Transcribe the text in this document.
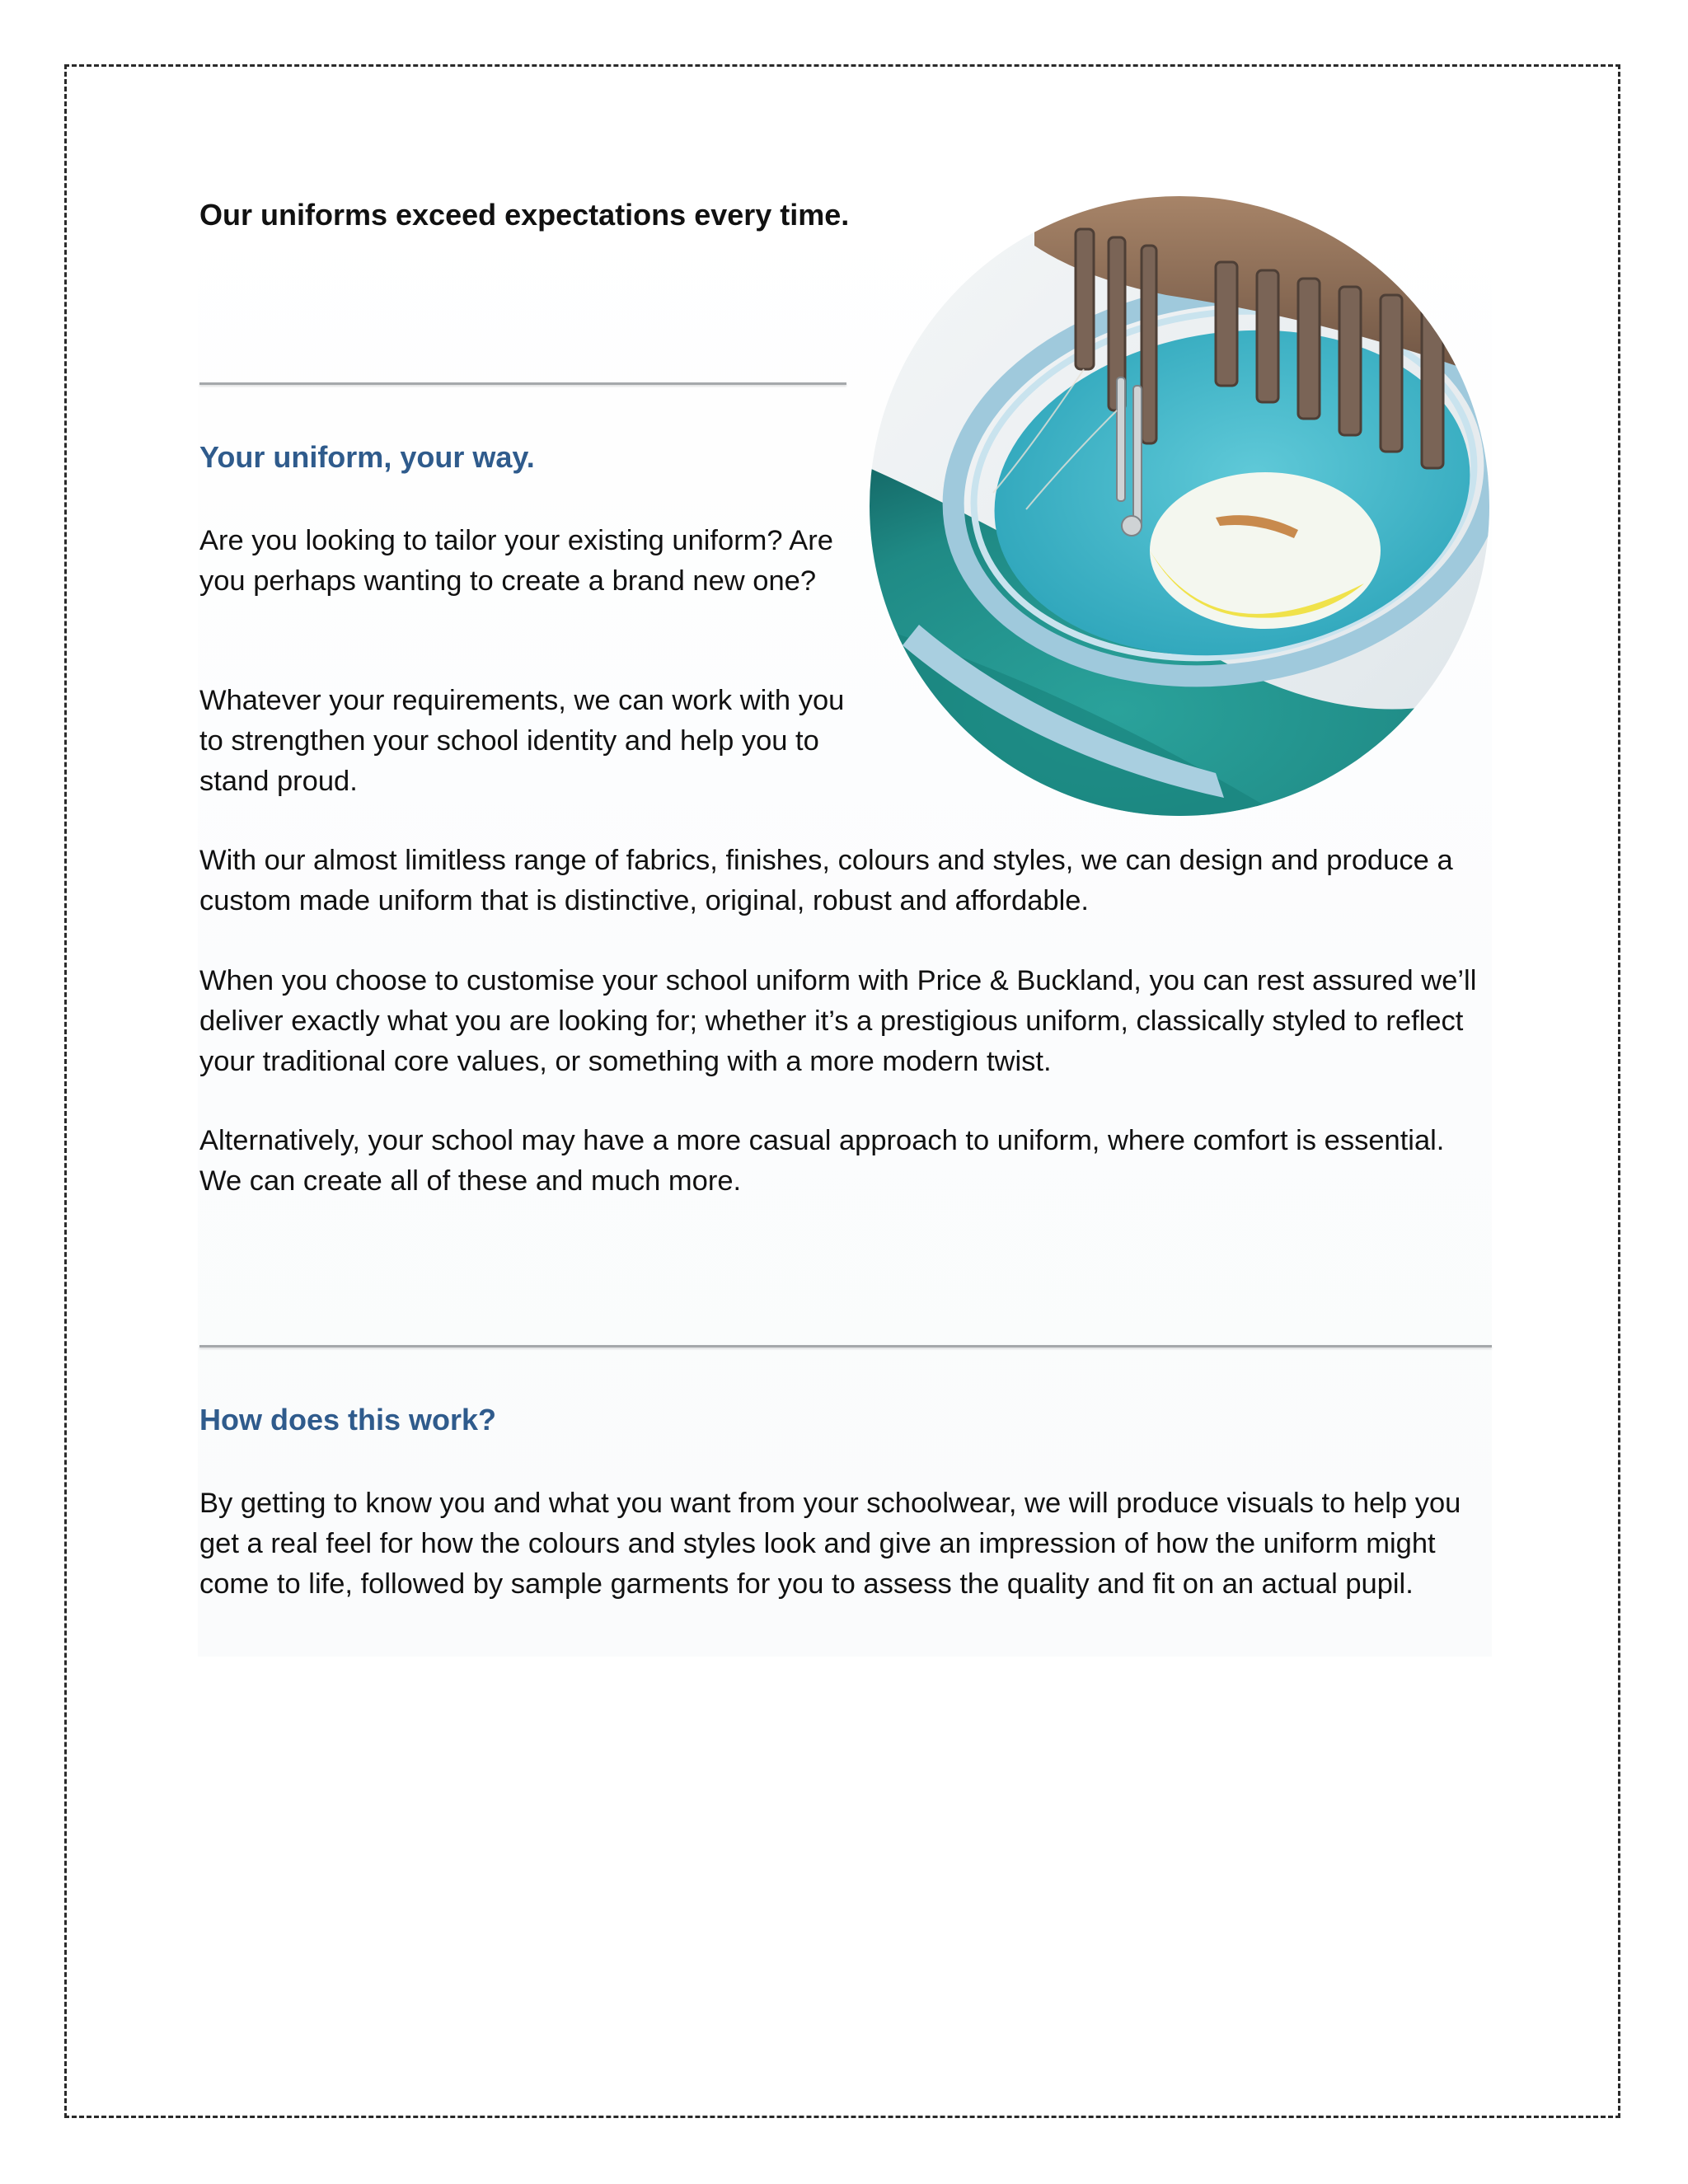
Our uniforms exceed expectations every time.
Your uniform, your way.

Are you looking to tailor your existing uniform? Are you perhaps wanting to create a brand new one?

Whatever your requirements, we can work with you to strengthen your school identity and help you to stand proud.

With our almost limitless range of fabrics, finishes, colours and styles, we can design and produce a custom made uniform that is distinctive, original, robust and affordable.

When you choose to customise your school uniform with Price & Buckland, you can rest assured we’ll deliver exactly what you are looking for; whether it’s a prestigious uniform, classically styled to reflect your traditional core values, or something with a more modern twist.

Alternatively, your school may have a more casual approach to uniform, where comfort is essential. We can create all of these and much more.

How does this work?

By getting to know you and what you want from your schoolwear, we will produce visuals to help you get a real feel for how the colours and styles look and give an impression of how the uniform might come to life, followed by sample garments for you to assess the quality and fit on an actual pupil.
